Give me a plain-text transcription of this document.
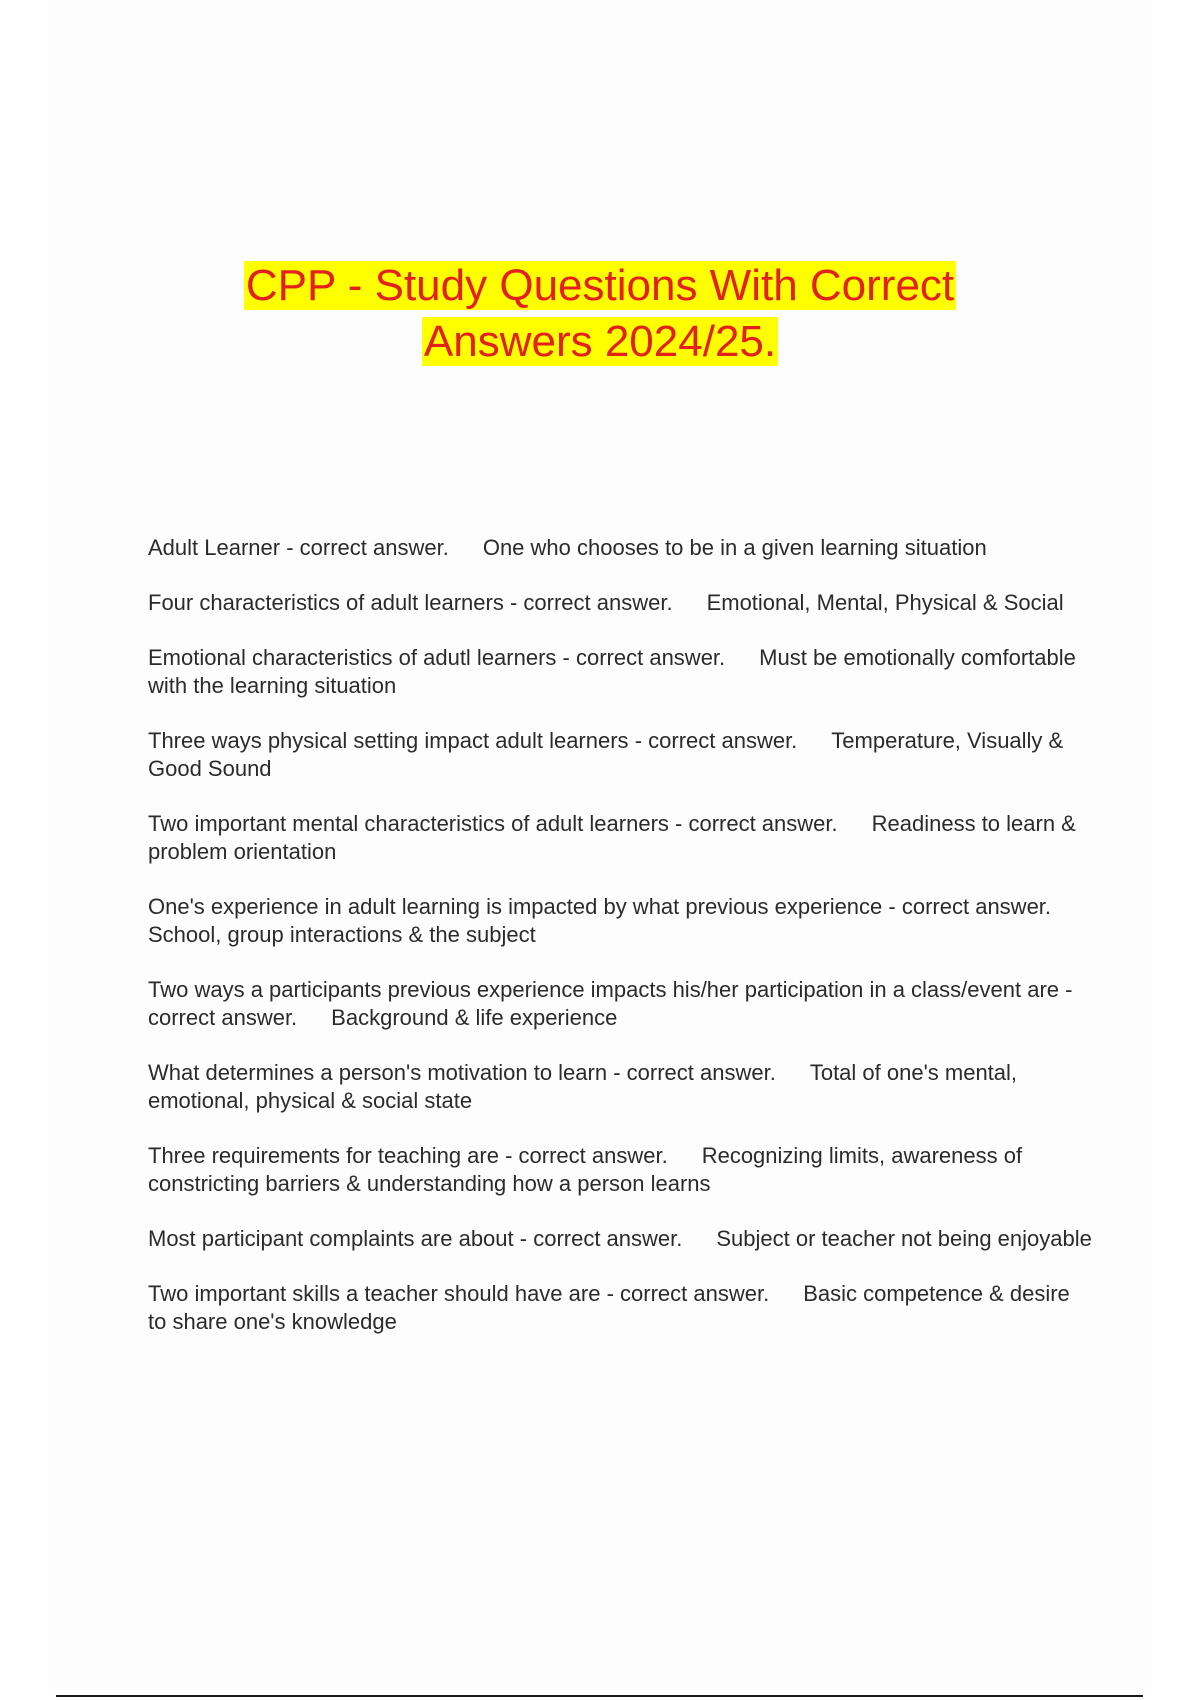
CPP - Study Questions With Correct
Answers 2024/25.

Adult Learner - correct answer. One who chooses to be in a given learning situation

Four characteristics of adult learners - correct answer. Emotional, Mental, Physical & Social

Emotional characteristics of adutl learners - correct answer. Must be emotionally comfortable with the learning situation

Three ways physical setting impact adult learners - correct answer. Temperature, Visually & Good Sound

Two important mental characteristics of adult learners - correct answer. Readiness to learn & problem orientation

One's experience in adult learning is impacted by what previous experience - correct answer.School, group interactions & the subject

Two ways a participants previous experience impacts his/her participation in a class/event are - correct answer. Background & life experience

What determines a person's motivation to learn - correct answer. Total of one's mental, emotional, physical & social state

Three requirements for teaching are - correct answer. Recognizing limits, awareness of constricting barriers & understanding how a person learns

Most participant complaints are about - correct answer. Subject or teacher not being enjoyable

Two important skills a teacher should have are - correct answer. Basic competence & desire to share one's knowledge
